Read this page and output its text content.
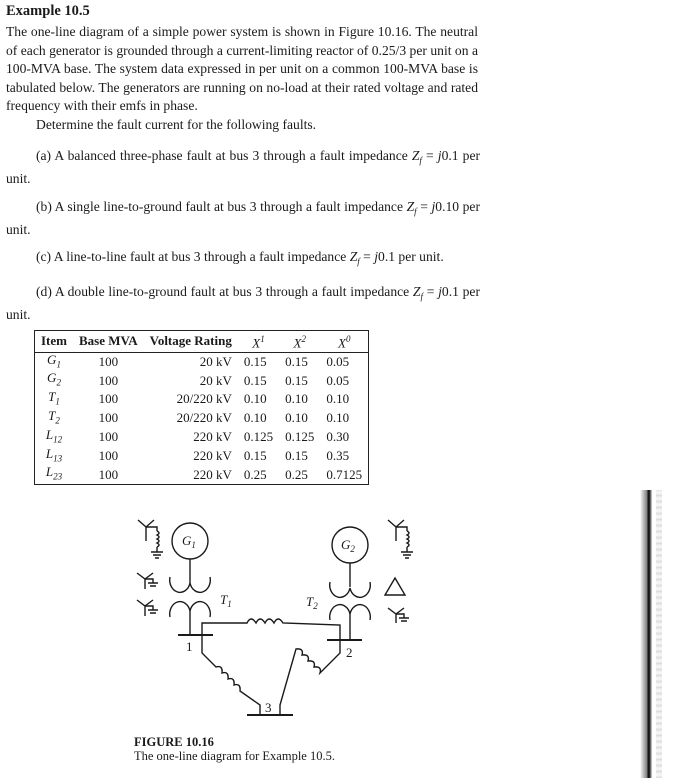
Example 10.5
The one-line diagram of a simple power system is shown in Figure 10.16. The neutral of each generator is grounded through a current-limiting reactor of 0.25/3 per unit on a 100-MVA base. The system data expressed in per unit on a common 100-MVA base is tabulated below. The generators are running on no-load at their rated voltage and rated frequency with their emfs in phase.
Determine the fault current for the following faults.
(a) A balanced three-phase fault at bus 3 through a fault impedance $Z_f = j0.1$ per unit.
(b) A single line-to-ground fault at bus 3 through a fault impedance $Z_f = j0.10$ per unit.
(c) A line-to-line fault at bus 3 through a fault impedance $Z_f = j0.1$ per unit.
(d) A double line-to-ground fault at bus 3 through a fault impedance $Z_f = j0.1$ per unit.
Item	Base MVA	Voltage Rating	$X^1$	$X^2$	$X^0$
$G_1$	100	20 kV	0.15	0.15	0.05
$G_2$	100	20 kV	0.15	0.15	0.05
$T_1$	100	20/220 kV	0.10	0.10	0.10
$T_2$	100	20/220 kV	0.10	0.10	0.10
$L_{12}$	100	220 kV	0.125	0.125	0.30
$L_{13}$	100	220 kV	0.15	0.15	0.35
$L_{23}$	100	220 kV	0.25	0.25	0.7125
$G_1$	$G_2$
$T_1$	$T_2$
1	2
3
FIGURE 10.16
The one-line diagram for Example 10.5.
